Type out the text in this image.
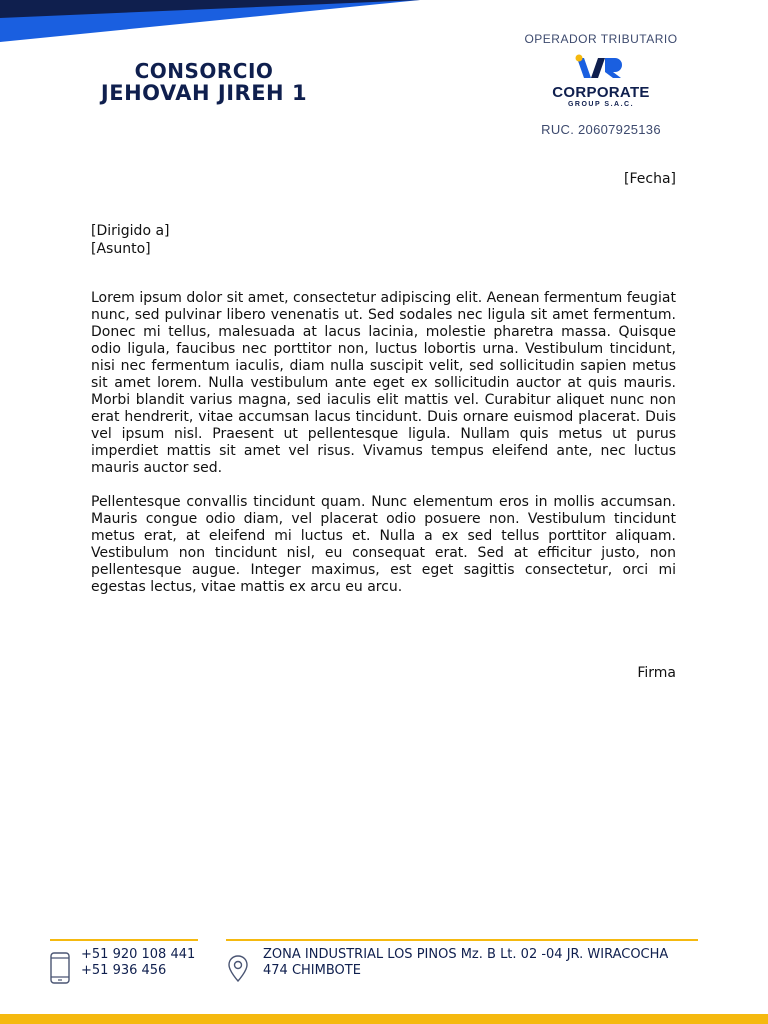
CONSORCIO
JEHOVAH JIREH 1
OPERADOR TRIBUTARIO
CORPORATE
GROUP S.A.C.
RUC. 20607925136
[Fecha]
[Dirigido a]
[Asunto]

Lorem ipsum dolor sit amet, consectetur adipiscing elit. Aenean fermentum feugiat nunc, sed pulvinar libero venenatis ut. Sed sodales nec ligula sit amet fermentum. Donec mi tellus, malesuada at lacus lacinia, molestie pharetra massa. Quisque odio ligula, faucibus nec porttitor non, luctus lobortis urna. Vestibulum tincidunt, nisi nec fermentum iaculis, diam nulla suscipit velit, sed sollicitudin sapien metus sit amet lorem. Nulla vestibulum ante eget ex sollicitudin auctor at quis mauris. Morbi blandit varius magna, sed iaculis elit mattis vel. Curabitur aliquet nunc non erat hendrerit, vitae accumsan lacus tincidunt. Duis ornare euismod placerat. Duis vel ipsum nisl. Praesent ut pellentesque ligula. Nullam quis metus ut purus imperdiet mattis sit amet vel risus. Vivamus tempus eleifend ante, nec luctus mauris auctor sed.

Pellentesque convallis tincidunt quam. Nunc elementum eros in mollis accumsan. Mauris congue odio diam, vel placerat odio posuere non. Vestibulum tincidunt metus erat, at eleifend mi luctus et. Nulla a ex sed tellus porttitor aliquam. Vestibulum non tincidunt nisl, eu consequat erat. Sed at efficitur justo, non pellentesque augue. Integer maximus, est eget sagittis consectetur, orci mi egestas lectus, vitae mattis ex arcu eu arcu.

Firma
+51 920 108 441
+51 936 456
ZONA INDUSTRIAL LOS PINOS Mz. B Lt. 02 -04 JR. WIRACOCHA 474 CHIMBOTE
